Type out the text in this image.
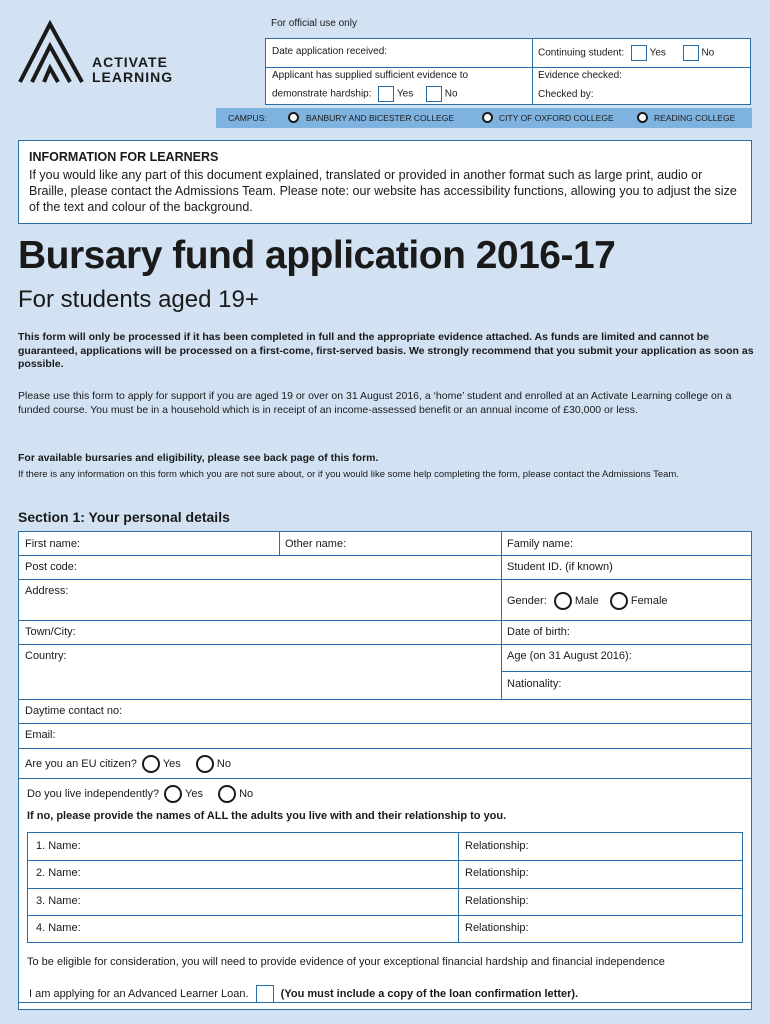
ACTIVATE
LEARNING
For official use only
Date application received:	Continuing student:	Yes	No
Applicant has supplied sufficient evidence to
demonstrate hardship:	Yes	No
Evidence checked:
Checked by:
CAMPUS:	BANBURY AND BICESTER COLLEGE	CITY OF OXFORD COLLEGE	READING COLLEGE
INFORMATION FOR LEARNERS
If you would like any part of this document explained, translated or provided in another format such as large print, audio or Braille, please contact the Admissions Team. Please note: our website has accessibility functions, allowing you to adjust the size of the text and colour of the background.
Bursary fund application 2016-17
For students aged 19+
This form will only be processed if it has been completed in full and the appropriate evidence attached. As funds are limited and cannot be guaranteed, applications will be processed on a first-come, first-served basis. We strongly recommend that you submit your application as soon as possible.
Please use this form to apply for support if you are aged 19 or over on 31 August 2016, a ‘home’ student and enrolled at an Activate Learning college on a funded course. You must be in a household which is in receipt of an income-assessed benefit or an annual income of £30,000 or less.
For available bursaries and eligibility, please see back page of this form.
If there is any information on this form which you are not sure about, or if you would like some help completing the form, please contact the Admissions Team.
Section 1: Your personal details
First name:	Other name:	Family name:
Post code:	Student ID. (if known)
Address:
Gender:	Male	Female
Town/City:	Date of birth:
Country:	Age (on 31 August 2016):
Nationality:
Daytime contact no:
Email:
Are you an EU citizen? Yes	No
Do you live independently? Yes	No
If no, please provide the names of ALL the adults you live with and their relationship to you.
1. Name:	Relationship:
2. Name:	Relationship:
3. Name:	Relationship:
4. Name:	Relationship:
To be eligible for consideration, you will need to provide evidence of your exceptional financial hardship and financial independence
I am applying for an Advanced Learner Loan.	(You must include a copy of the loan confirmation letter).
